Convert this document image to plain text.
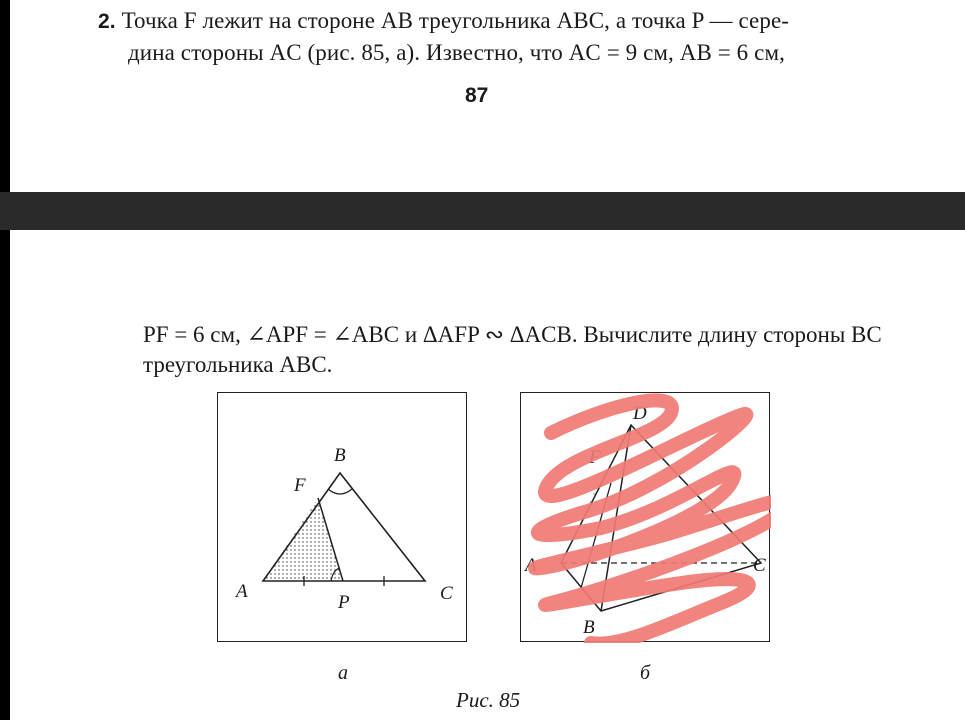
2. Точка F лежит на стороне AB треугольника ABC, а точка P — сере-
дина стороны AC (рис. 85, a). Известно, что AC = 9 см, AB = 6 см,
87
PF = 6 см, ∠APF = ∠ABC и ΔAFP ∾ ΔACB. Вычислите длину стороны BC
треугольника ABC.
B
F
A
P	C
D
F
A	C
B
а	б
Рис. 85
